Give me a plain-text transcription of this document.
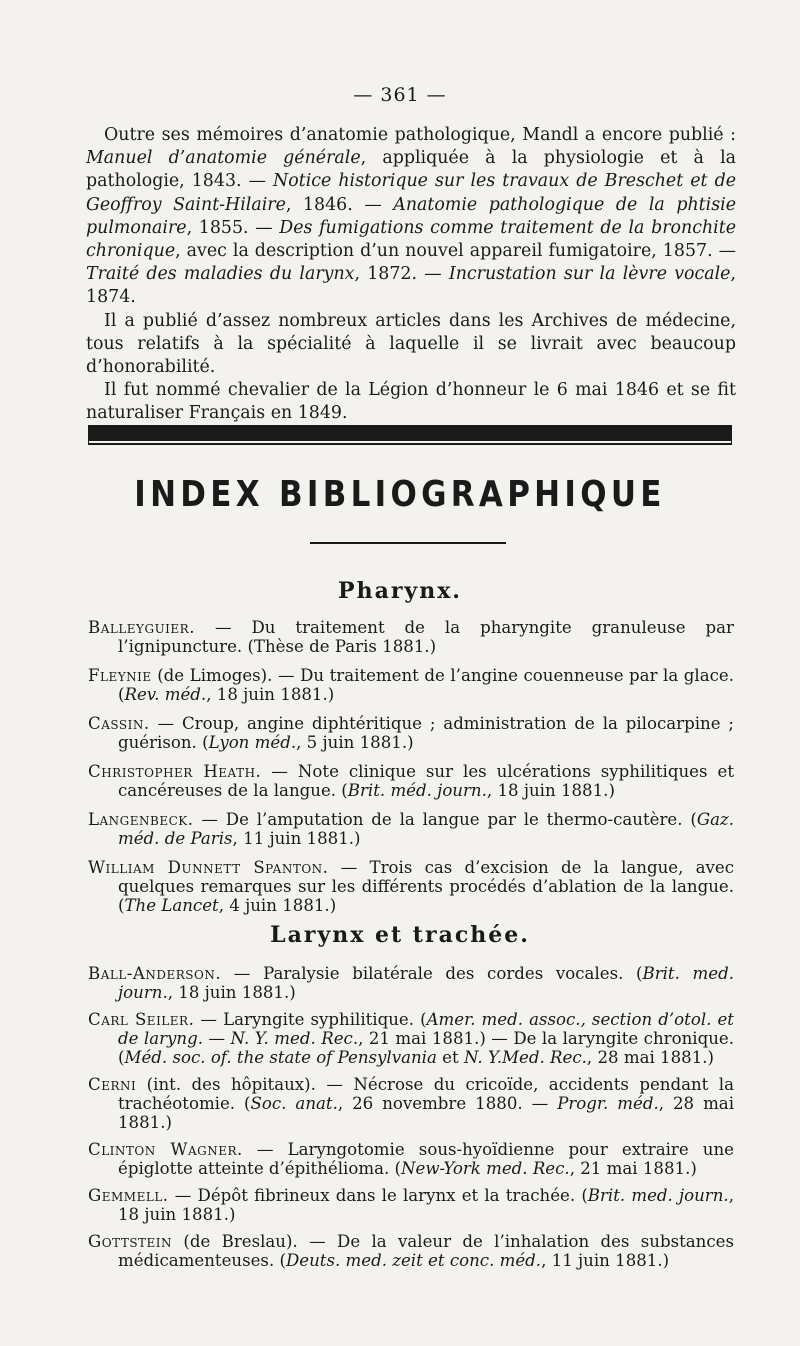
— 361 —

Outre ses mémoires d’anatomie pathologique, Mandl a encore publié : Manuel d’anatomie générale, appliquée à la physiologie et à la pathologie, 1843. — Notice historique sur les travaux de Breschet et de Geoffroy Saint-Hilaire, 1846. — Anatomie pathologique de la phtisie pulmonaire, 1855. — Des fumigations comme traitement de la bronchite chronique, avec la description d’un nouvel appareil fumigatoire, 1857. — Traité des maladies du larynx, 1872. — Incrustation sur la lèvre vocale, 1874.

Il a publié d’assez nombreux articles dans les Archives de médecine, tous relatifs à la spécialité à laquelle il se livrait avec beaucoup d’honorabilité.

Il fut nommé chevalier de la Légion d’honneur le 6 mai 1846 et se fit naturaliser Français en 1849.

INDEX BIBLIOGRAPHIQUE
Pharynx.

Balleyguier. — Du traitement de la pharyngite granuleuse par l’ignipuncture. (Thèse de Paris 1881.)

Fleynie (de Limoges). — Du traitement de l’angine couenneuse par la glace. (Rev. méd., 18 juin 1881.)

Cassin. — Croup, angine diphtéritique ; administration de la pilocarpine ; guérison. (Lyon méd., 5 juin 1881.)

Christopher Heath. — Note clinique sur les ulcérations syphilitiques et cancéreuses de la langue. (Brit. méd. journ., 18 juin 1881.)

Langenbeck. — De l’amputation de la langue par le thermo-cautère. (Gaz. méd. de Paris, 11 juin 1881.)

William Dunnett Spanton. — Trois cas d’excision de la langue, avec quelques remarques sur les différents procédés d’ablation de la langue. (The Lancet, 4 juin 1881.)

Larynx et trachée.

Ball-Anderson. — Paralysie bilatérale des cordes vocales. (Brit. med. journ., 18 juin 1881.)

Carl Seiler. — Laryngite syphilitique. (Amer. med. assoc., section d’otol. et de laryng. — N. Y. med. Rec., 21 mai 1881.) — De la laryngite chronique. (Méd. soc. of. the state of Pensylvania et N. Y.Med. Rec., 28 mai 1881.)

Cerni (int. des hôpitaux). — Nécrose du cricoïde, accidents pendant la trachéotomie. (Soc. anat., 26 novembre 1880. — Progr. méd., 28 mai 1881.)

Clinton Wagner. — Laryngotomie sous-hyoïdienne pour extraire une épiglotte atteinte d’épithélioma. (New-York med. Rec., 21 mai 1881.)

Gemmell. — Dépôt fibrineux dans le larynx et la trachée. (Brit. med. journ., 18 juin 1881.)

Gottstein (de Breslau). — De la valeur de l’inhalation des substances médicamenteuses. (Deuts. med. zeit et conc. méd., 11 juin 1881.)
